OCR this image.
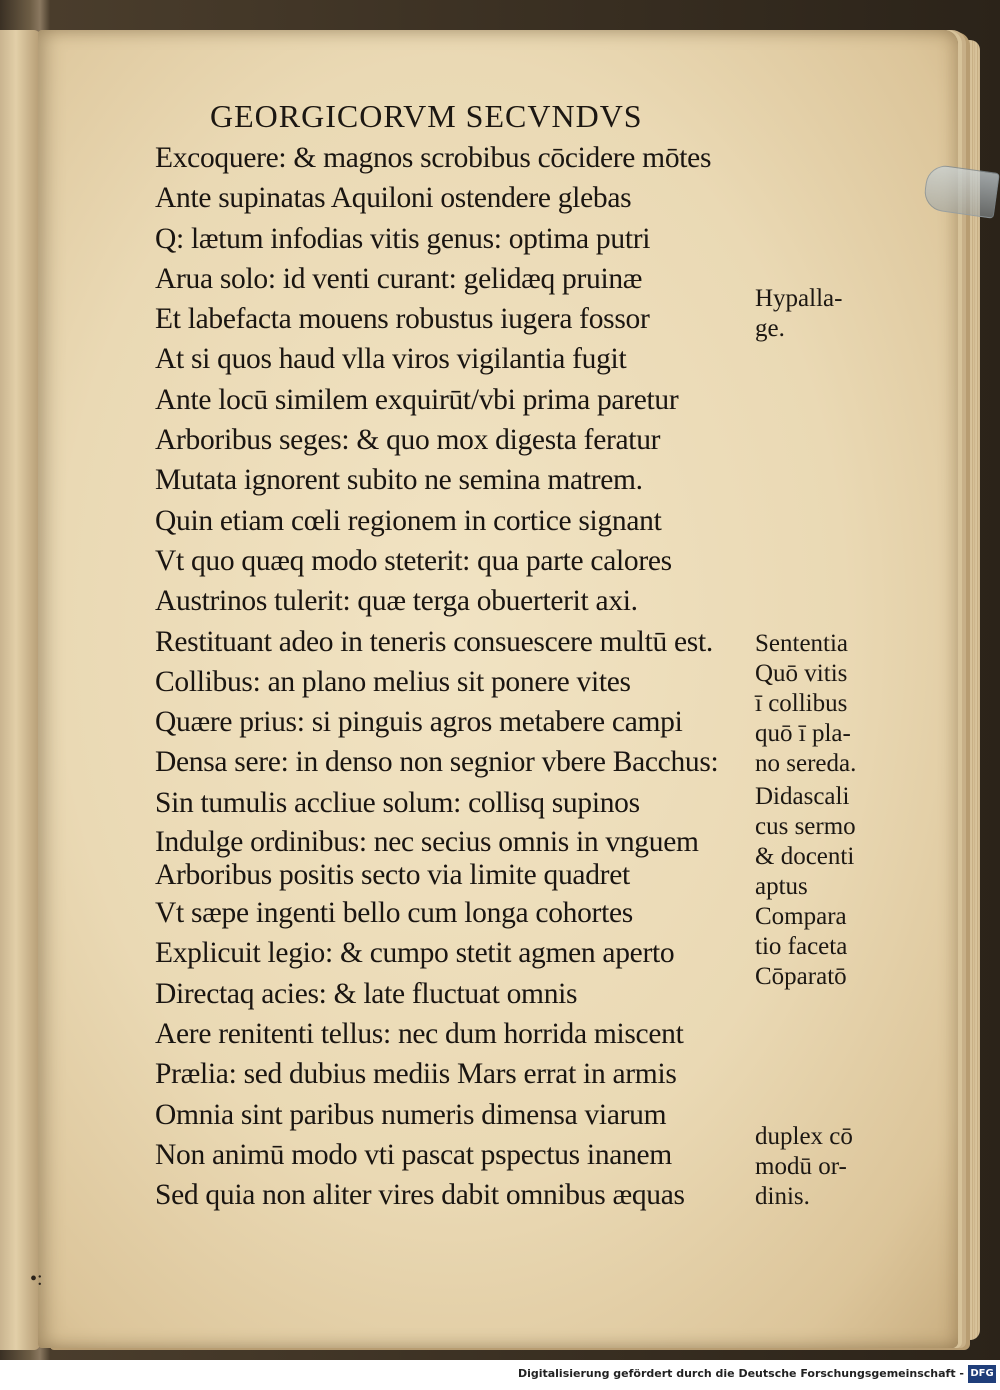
GEORGICORVM SECVNDVS
Excoquere: & magnos scrobibus cōcidere mōtes
Ante supinatas Aquiloni ostendere glebas
Q: lætum infodias vitis genus: optima putri
Arua solo: id venti curant: gelidæq pruinæ
Et labefacta mouens robustus iugera fossor
At si quos haud vlla viros vigilantia fugit
Ante locū similem exquirūt/vbi prima paretur
Arboribus seges: & quo mox digesta feratur
Mutata ignorent subito ne semina matrem.
Quin etiam cœli regionem in cortice signant
Vt quo quæq modo steterit: qua parte calores
Austrinos tulerit: quæ terga obuerterit axi.
Restituant adeo in teneris consuescere multū est.
Collibus: an plano melius sit ponere vites
Quære prius: si pinguis agros metabere campi
Densa sere: in denso non segnior vbere Bacchus:
Sin tumulis accliue solum: collisq supinos
Indulge ordinibus: nec secius omnis in vnguem
Arboribus positis secto via limite quadret
Vt sæpe ingenti bello cum longa cohortes
Explicuit legio: & cumpo stetit agmen aperto
Directaq acies: & late fluctuat omnis
Aere renitenti tellus: nec dum horrida miscent
Prælia: sed dubius mediis Mars errat in armis
Omnia sint paribus numeris dimensa viarum
Non animū modo vti pascat pspectus inanem
Sed quia non aliter vires dabit omnibus æquas
Hypalla-
ge.
Sententia
Quō vitis
ī collibus
quō ī pla-
no sereda.
Didascali
cus sermo
& docenti
aptus
Compara
tio faceta
Cōparatō
duplex cō
modū or-
dinis.
•:
Digitalisierung gefördert durch die Deutsche Forschungsgemeinschaft - DFG
